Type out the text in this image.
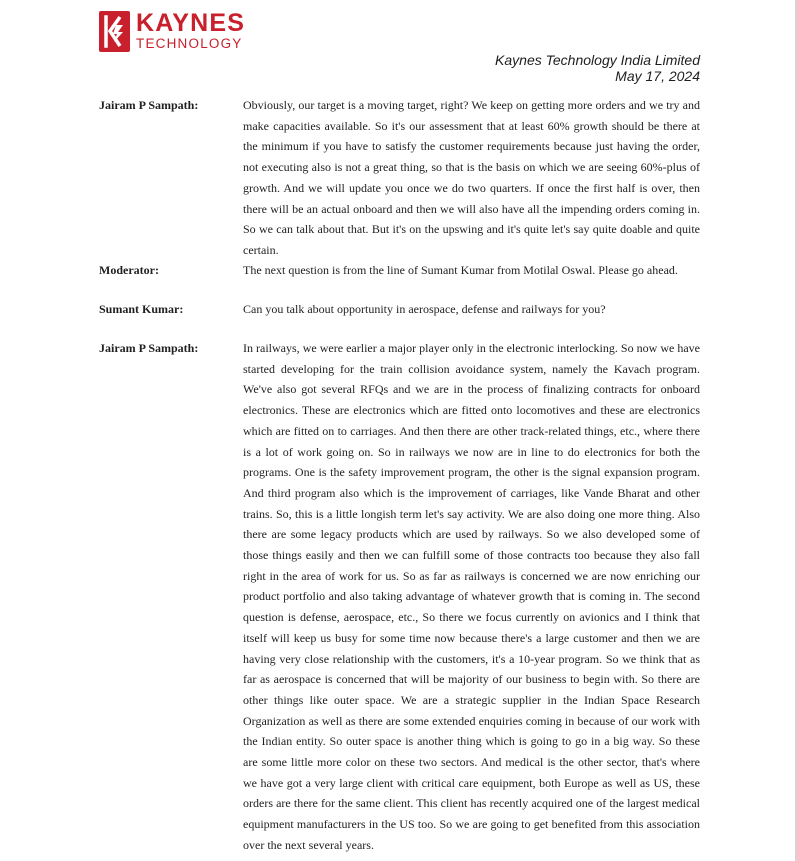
KAYNES
TECHNOLOGY
Kaynes Technology India Limited
May 17, 2024
Jairam P Sampath:	Obviously, our target is a moving target, right? We keep on getting more orders and we try and make capacities available. So it's our assessment that at least 60% growth should be there at the minimum if you have to satisfy the customer requirements because just having the order, not executing also is not a great thing, so that is the basis on which we are seeing 60%-plus of growth. And we will update you once we do two quarters. If once the first half is over, then there will be an actual onboard and then we will also have all the impending orders coming in. So we can talk about that. But it's on the upswing and it's quite let's say quite doable and quite certain.
Moderator:	The next question is from the line of Sumant Kumar from Motilal Oswal. Please go ahead.
Sumant Kumar:	Can you talk about opportunity in aerospace, defense and railways for you?
Jairam P Sampath:	In railways, we were earlier a major player only in the electronic interlocking. So now we have started developing for the train collision avoidance system, namely the Kavach program. We've also got several RFQs and we are in the process of finalizing contracts for onboard electronics. These are electronics which are fitted onto locomotives and these are electronics which are fitted on to carriages. And then there are other track-related things, etc., where there is a lot of work going on. So in railways we now are in line to do electronics for both the programs. One is the safety improvement program, the other is the signal expansion program. And third program also which is the improvement of carriages, like Vande Bharat and other trains. So, this is a little longish term let's say activity. We are also doing one more thing. Also there are some legacy products which are used by railways. So we also developed some of those things easily and then we can fulfill some of those contracts too because they also fall right in the area of work for us. So as far as railways is concerned we are now enriching our product portfolio and also taking advantage of whatever growth that is coming in. The second question is defense, aerospace, etc., So there we focus currently on avionics and I think that itself will keep us busy for some time now because there's a large customer and then we are having very close relationship with the customers, it's a 10-year program. So we think that as far as aerospace is concerned that will be majority of our business to begin with. So there are other things like outer space. We are a strategic supplier in the Indian Space Research Organization as well as there are some extended enquiries coming in because of our work with the Indian entity. So outer space is another thing which is going to go in a big way. So these are some little more color on these two sectors. And medical is the other sector, that's where we have got a very large client with critical care equipment, both Europe as well as US, these orders are there for the same client. This client has recently acquired one of the largest medical equipment manufacturers in the US too. So we are going to get benefited from this association over the next several years.
